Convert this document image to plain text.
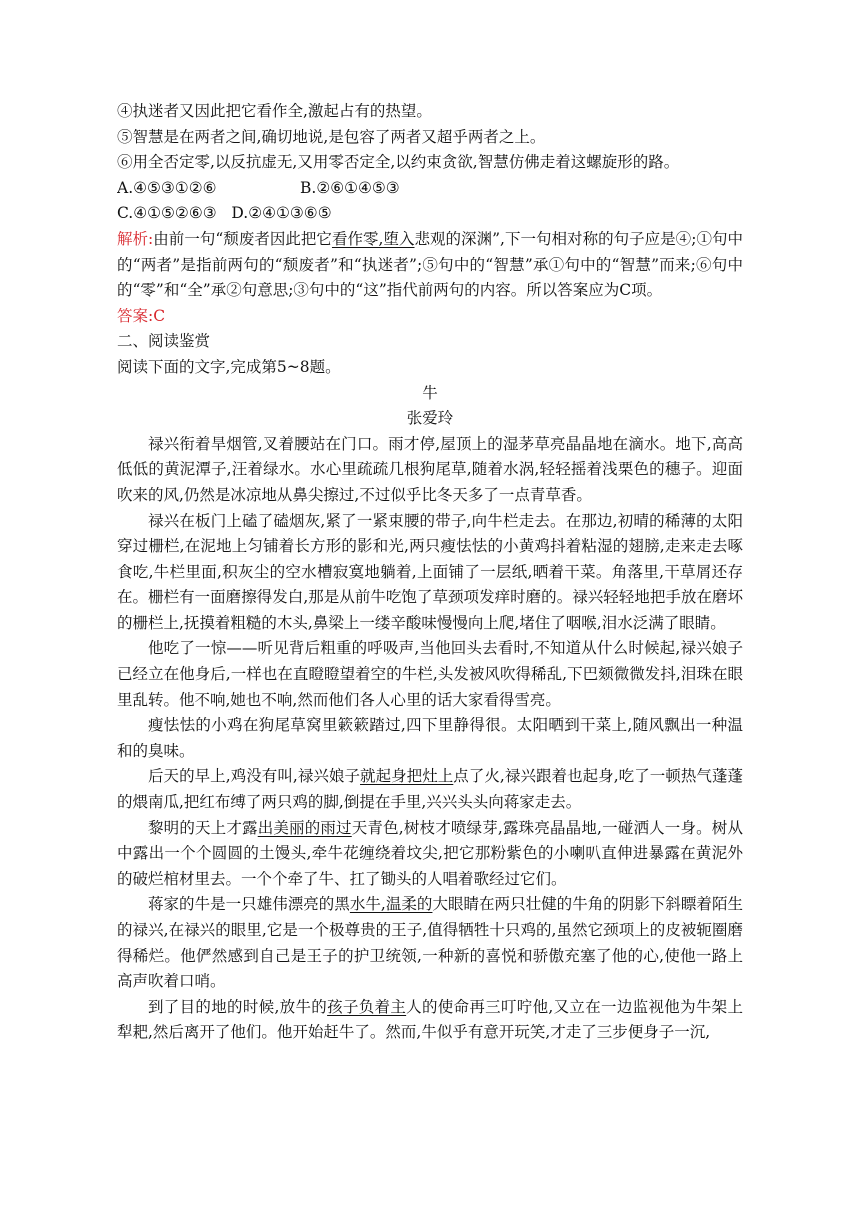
④执迷者又因此把它看作全,激起占有的热望。
⑤智慧是在两者之间,确切地说,是包容了两者又超乎两者之上。
⑥用全否定零,以反抗虚无,又用零否定全,以约束贪欲,智慧仿佛走着这螺旋形的路。
A.④⑤③①②⑥	B.②⑥①④⑤③
C.④①⑤②⑥③ D.②④①③⑥⑤
解析:由前一句“颓废者因此把它看作零,堕入悲观的深渊”,下一句相对称的句子应是④;①句中的“两者”是指前两句的“颓废者”和“执迷者”;⑤句中的“智慧”承①句中的“智慧”而来;⑥句中的“零”和“全”承②句意思;③句中的“这”指代前两句的内容。所以答案应为C项。
答案:C
二、阅读鉴赏
阅读下面的文字,完成第5~8题。
牛
张爱玲
禄兴衔着旱烟管,叉着腰站在门口。雨才停,屋顶上的湿茅草亮晶晶地在滴水。地下,高高低低的黄泥潭子,汪着绿水。水心里疏疏几根狗尾草,随着水涡,轻轻摇着浅栗色的穗子。迎面吹来的风,仍然是冰凉地从鼻尖擦过,不过似乎比冬天多了一点青草香。
禄兴在板门上磕了磕烟灰,紧了一紧束腰的带子,向牛栏走去。在那边,初晴的稀薄的太阳穿过栅栏,在泥地上匀铺着长方形的影和光,两只瘦怯怯的小黄鸡抖着粘湿的翅膀,走来走去啄食吃,牛栏里面,积灰尘的空水槽寂寞地躺着,上面铺了一层纸,晒着干菜。角落里,干草屑还存在。栅栏有一面磨擦得发白,那是从前牛吃饱了草颈项发痒时磨的。禄兴轻轻地把手放在磨坏的栅栏上,抚摸着粗糙的木头,鼻梁上一缕辛酸味慢慢向上爬,堵住了咽喉,泪水泛满了眼睛。
他吃了一惊——听见背后粗重的呼吸声,当他回头去看时,不知道从什么时候起,禄兴娘子已经立在他身后,一样也在直瞪瞪望着空的牛栏,头发被风吹得稀乱,下巴颏微微发抖,泪珠在眼里乱转。他不响,她也不响,然而他们各人心里的话大家看得雪亮。
瘦怯怯的小鸡在狗尾草窝里簌簌踏过,四下里静得很。太阳晒到干菜上,随风飘出一种温和的臭味。
后天的早上,鸡没有叫,禄兴娘子就起身把灶上点了火,禄兴跟着也起身,吃了一顿热气蓬蓬的煨南瓜,把红布缚了两只鸡的脚,倒提在手里,兴兴头头向蒋家走去。
黎明的天上才露出美丽的雨过天青色,树枝才喷绿芽,露珠亮晶晶地,一碰洒人一身。树从中露出一个个圆圆的土馒头,牵牛花缠绕着坟尖,把它那粉紫色的小喇叭直伸进暴露在黄泥外的破烂棺材里去。一个个牵了牛、扛了锄头的人唱着歌经过它们。
蒋家的牛是一只雄伟漂亮的黑水牛,温柔的大眼睛在两只壮健的牛角的阴影下斜瞟着陌生的禄兴,在禄兴的眼里,它是一个极尊贵的王子,值得牺牲十只鸡的,虽然它颈项上的皮被轭圈磨得稀烂。他俨然感到自己是王子的护卫统领,一种新的喜悦和骄傲充塞了他的心,使他一路上高声吹着口哨。
到了目的地的时候,放牛的孩子负着主人的使命再三叮咛他,又立在一边监视他为牛架上犁耙,然后离开了他们。他开始赶牛了。然而,牛似乎有意开玩笑,才走了三步便身子一沉,
